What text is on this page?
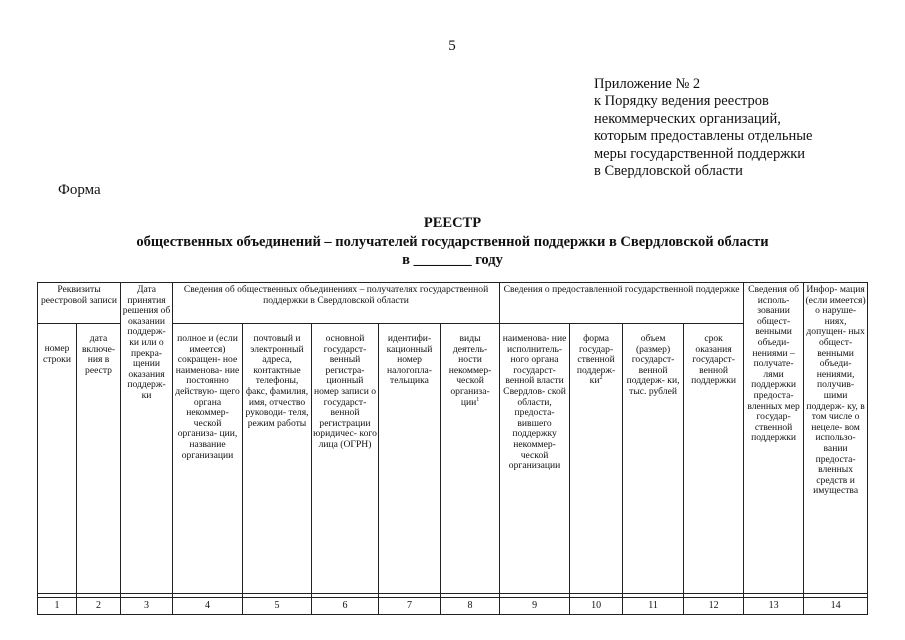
5
Приложение № 2
к Порядку ведения реестров
некоммерческих организаций,
которым предоставлены отдельные
меры государственной поддержки
в Свердловской области
Форма
РЕЕСТР
общественных объединений – получателей государственной поддержки в Свердловской области
в ________ году
Реквизиты реестровой записи		Дата принятия решения об оказании поддерж- ки или о прекра- щении оказания поддерж- ки	Сведения об общественных объединениях – получателях государственной поддержки в Свердловской области					Сведения о предоставленной государственной поддержке				Сведения об исполь- зовании общест- венными объеди- нениями – получате- лями поддержки предоста- вленных мер государ- ственной поддержки	Инфор- мация (если имеется) о наруше- ниях, допущен- ных общест- венными объеди- нениями, получив- шими поддерж- ку, в том числе о нецеле- вом использо- вании предоста- вленных средств и имущества
номер строки	дата включе- ния в реестр		полное и (если имеется) сокращен- ное наименова- ние постоянно действую- щего органа некоммер- ческой организа- ции, название организации	почтовый и электронный адреса, контактные телефоны, факс, фамилия, имя, отчество руководи- теля, режим работы	основной государст- венный регистра- ционный номер записи о государст- венной регистрации юридичес- кого лица (ОГРН)	идентифи- кационный номер налогопла- тельщика	виды деятель- ности некоммер- ческой организа- ции$^1$	наименова- ние исполнитель- ного органа государст- венной власти Свердлов- ской области, предоста- вившего поддержку некоммер- ческой организации	форма государ- ственной поддерж- $ки^2$	объем (размер) государст- венной поддерж- ки, тыс. рублей	срок оказания государст- венной поддержки		

1	2	3	4	5	6	7	8	9	10	11	12	13	14
